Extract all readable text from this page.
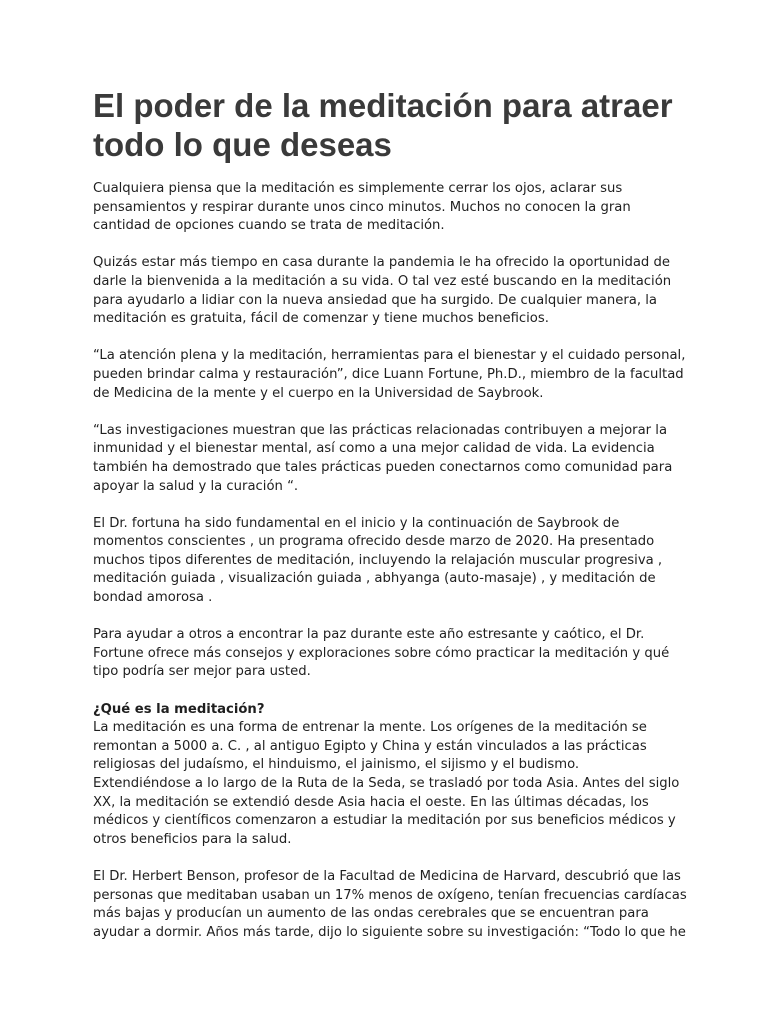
El poder de la meditación para atraer todo lo que deseas

Cualquiera piensa que la meditación es simplemente cerrar los ojos, aclarar sus
pensamientos y respirar durante unos cinco minutos. Muchos no conocen la gran
cantidad de opciones cuando se trata de meditación.

Quizás estar más tiempo en casa durante la pandemia le ha ofrecido la oportunidad de
darle la bienvenida a la meditación a su vida. O tal vez esté buscando en la meditación
para ayudarlo a lidiar con la nueva ansiedad que ha surgido. De cualquier manera, la
meditación es gratuita, fácil de comenzar y tiene muchos beneficios.

“La atención plena y la meditación, herramientas para el bienestar y el cuidado personal,
pueden brindar calma y restauración”, dice Luann Fortune, Ph.D., miembro de la facultad
de Medicina de la mente y el cuerpo en la Universidad de Saybrook.

“Las investigaciones muestran que las prácticas relacionadas contribuyen a mejorar la
inmunidad y el bienestar mental, así como a una mejor calidad de vida. La evidencia
también ha demostrado que tales prácticas pueden conectarnos como comunidad para
apoyar la salud y la curación “.

El Dr. fortuna ha sido fundamental en el inicio y la continuación de Saybrook de
momentos conscientes , un programa ofrecido desde marzo de 2020. Ha presentado
muchos tipos diferentes de meditación, incluyendo la relajación muscular progresiva ,
meditación guiada , visualización guiada , abhyanga (auto-masaje) , y meditación de
bondad amorosa .

Para ayudar a otros a encontrar la paz durante este año estresante y caótico, el Dr.
Fortune ofrece más consejos y exploraciones sobre cómo practicar la meditación y qué
tipo podría ser mejor para usted.

¿Qué es la meditación?
La meditación es una forma de entrenar la mente. Los orígenes de la meditación se
remontan a 5000 a. C. , al antiguo Egipto y China y están vinculados a las prácticas
religiosas del judaísmo, el hinduismo, el jainismo, el sijismo y el budismo.
Extendiéndose a lo largo de la Ruta de la Seda, se trasladó por toda Asia. Antes del siglo
XX, la meditación se extendió desde Asia hacia el oeste. En las últimas décadas, los
médicos y científicos comenzaron a estudiar la meditación por sus beneficios médicos y
otros beneficios para la salud.

El Dr. Herbert Benson, profesor de la Facultad de Medicina de Harvard, descubrió que las
personas que meditaban usaban un 17% menos de oxígeno, tenían frecuencias cardíacas
más bajas y producían un aumento de las ondas cerebrales que se encuentran para
ayudar a dormir. Años más tarde, dijo lo siguiente sobre su investigación: “Todo lo que he
